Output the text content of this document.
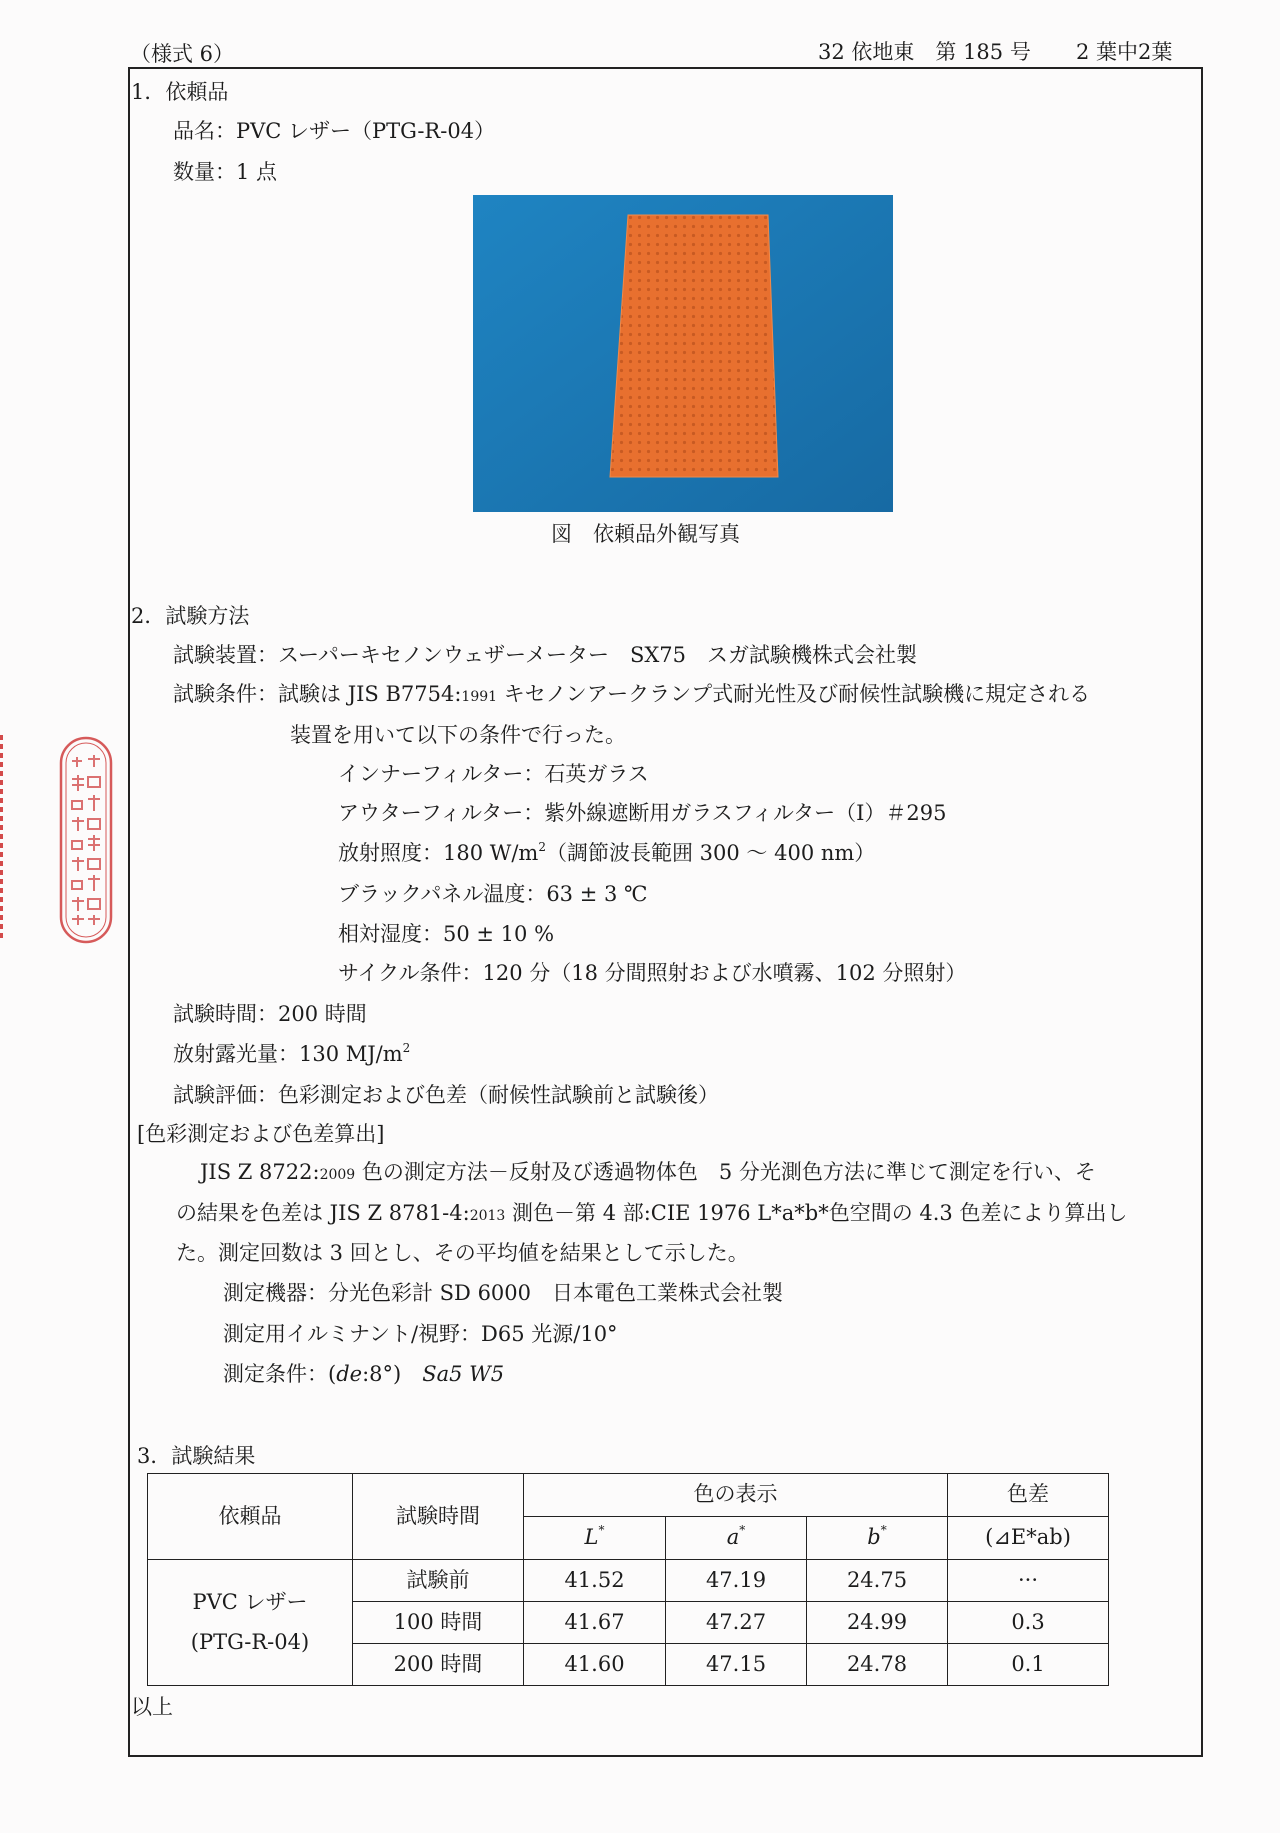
（様式 6）	32 依地東　第 185 号 2 葉中2葉
1．依頼品
品名：PVC レザー（PTG-R-04）
数量：1 点
図　依頼品外観写真
2．試験方法
試験装置：スーパーキセノンウェザーメーター　SX75　スガ試験機株式会社製
試験条件：試験は JIS B7754:1991 キセノンアークランプ式耐光性及び耐候性試験機に規定される
装置を用いて以下の条件で行った。
インナーフィルター：石英ガラス
アウターフィルター：紫外線遮断用ガラスフィルター（Ⅰ）＃295
放射照度：180 $W/m^2$（調節波長範囲 300 ～ 400 nm）
ブラックパネル温度：63 ± 3 ℃
相対湿度：50 ± 10 %
サイクル条件：120 分（18 分間照射および水噴霧、102 分照射）
試験時間：200 時間
放射露光量：130 $MJ/m^2$
試験評価：色彩測定および色差（耐候性試験前と試験後）
[色彩測定および色差算出]
JIS Z 8722:2009 色の測定方法－反射及び透過物体色　5 分光測色方法に準じて測定を行い、そ
の結果を色差は JIS Z 8781-4:2013 測色－第 4 部:CIE 1976 L*a*b*色空間の 4.3 色差により算出し
た。測定回数は 3 回とし、その平均値を結果として示した。
測定機器：分光色彩計 SD 6000　日本電色工業株式会社製
測定用イルミナント/視野：D65 光源/10°
測定条件：(de:8°)　Sa5 W5
3．試験結果
依頼品	試験時間	色の表示			色差
		L*	a*	b*	(⊿E*ab)

PVC レザー
(PTG-R-04)	試験前	41.52	47.19	24.75	···
	100 時間	41.67	47.27	24.99	0.3
	200 時間	41.60	47.15	24.78	0.1
以上
